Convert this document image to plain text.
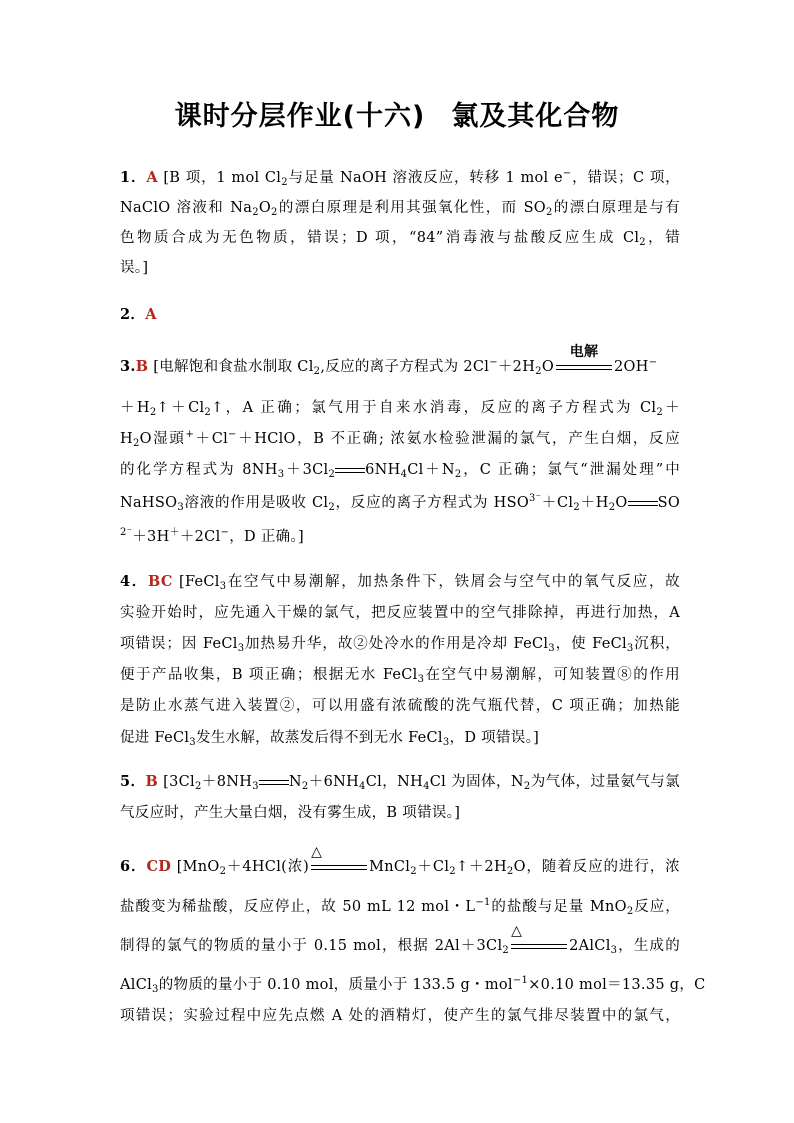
课时分层作业(十六) 氯及其化合物
1．A [B 项，1 mol $Cl_2$与足量 NaOH 溶液反应，转移 1 mol e−，错误；C 项，
NaClO 溶液和 $Na_2O_2$的漂白原理是利用其强氧化性，而 $SO_2$的漂白原理是与有
色物质合成为无色物质，错误；D 项，“84”消毒液与盐酸反应生成 $Cl_2$，错
误。]
2．A
3.B [电解饱和食盐水制取 $Cl_2$,反应的离子方程式为 $2Cl^-+2H_2O$
电解
2OH−
$+H_2↑+Cl_2↑$，A 正确；氯气用于自来水消毒，反应的离子方程式为 $Cl_2+$
$H_2O$湿頭+＋Cl−＋HClO，B 不正确; 浓氨水检验泄漏的氯气，产生白烟，反应
的化学方程式为 $8NH_3+3Cl_2$ $6NH_4Cl+N_2$，C 正确；氯气“泄漏处理”中
NaHSO$_3$溶液的作用是吸收 $Cl_2$，反应的离子方程式为 $HSO^{3^-}+Cl_2+H_2O$ SO
$^{2^-}$＋3H＋＋2Cl−，D 正确。]
4．BC [FeCl$_3$在空气中易潮解，加热条件下，铁屑会与空气中的氧气反应，故
实验开始时，应先通入干燥的氯气，把反应装置中的空气排除掉，再进行加热，A
项错误；因 FeCl$_3$加热易升华，故②处冷水的作用是冷却 FeCl$_3$，使 FeCl$_3$沉积，
便于产品收集，B 项正确；根据无水 FeCl$_3$在空气中易潮解，可知装置⑧的作用
是防止水蒸气进入装置②，可以用盛有浓硫酸的洗气瓶代替，C 项正确；加热能
促进 FeCl$_3$发生水解，故蒸发后得不到无水 FeCl$_3$，D 项错误。]
5．B [$3Cl_2+8NH_3$ $N_2+6NH_4Cl$，$NH_4Cl$ 为固体，$N_2$为气体，过量氨气与氯
气反应时，产生大量白烟，没有雾生成，B 项错误。]
6．CD [MnO$_2$＋4HCl(浓)
△
$MnCl_2+Cl_2↑+2H_2O$，随着反应的进行，浓
盐酸变为稀盐酸，反应停止，故 50 mL 12 mol・$L^{-1}$的盐酸与足量 MnO$_2$反应，
制得的氯气的物质的量小于 0.15 mol，根据 $2Al+3Cl_2$
△
2AlCl$_3$，生成的
AlCl$_3$的物质的量小于 0.10 mol，质量小于 133.5 g・mol$^{-1}$×0.10 mol＝13.35 g，C
项错误；实验过程中应先点燃 A 处的酒精灯，使产生的氯气排尽装置中的氯气，
